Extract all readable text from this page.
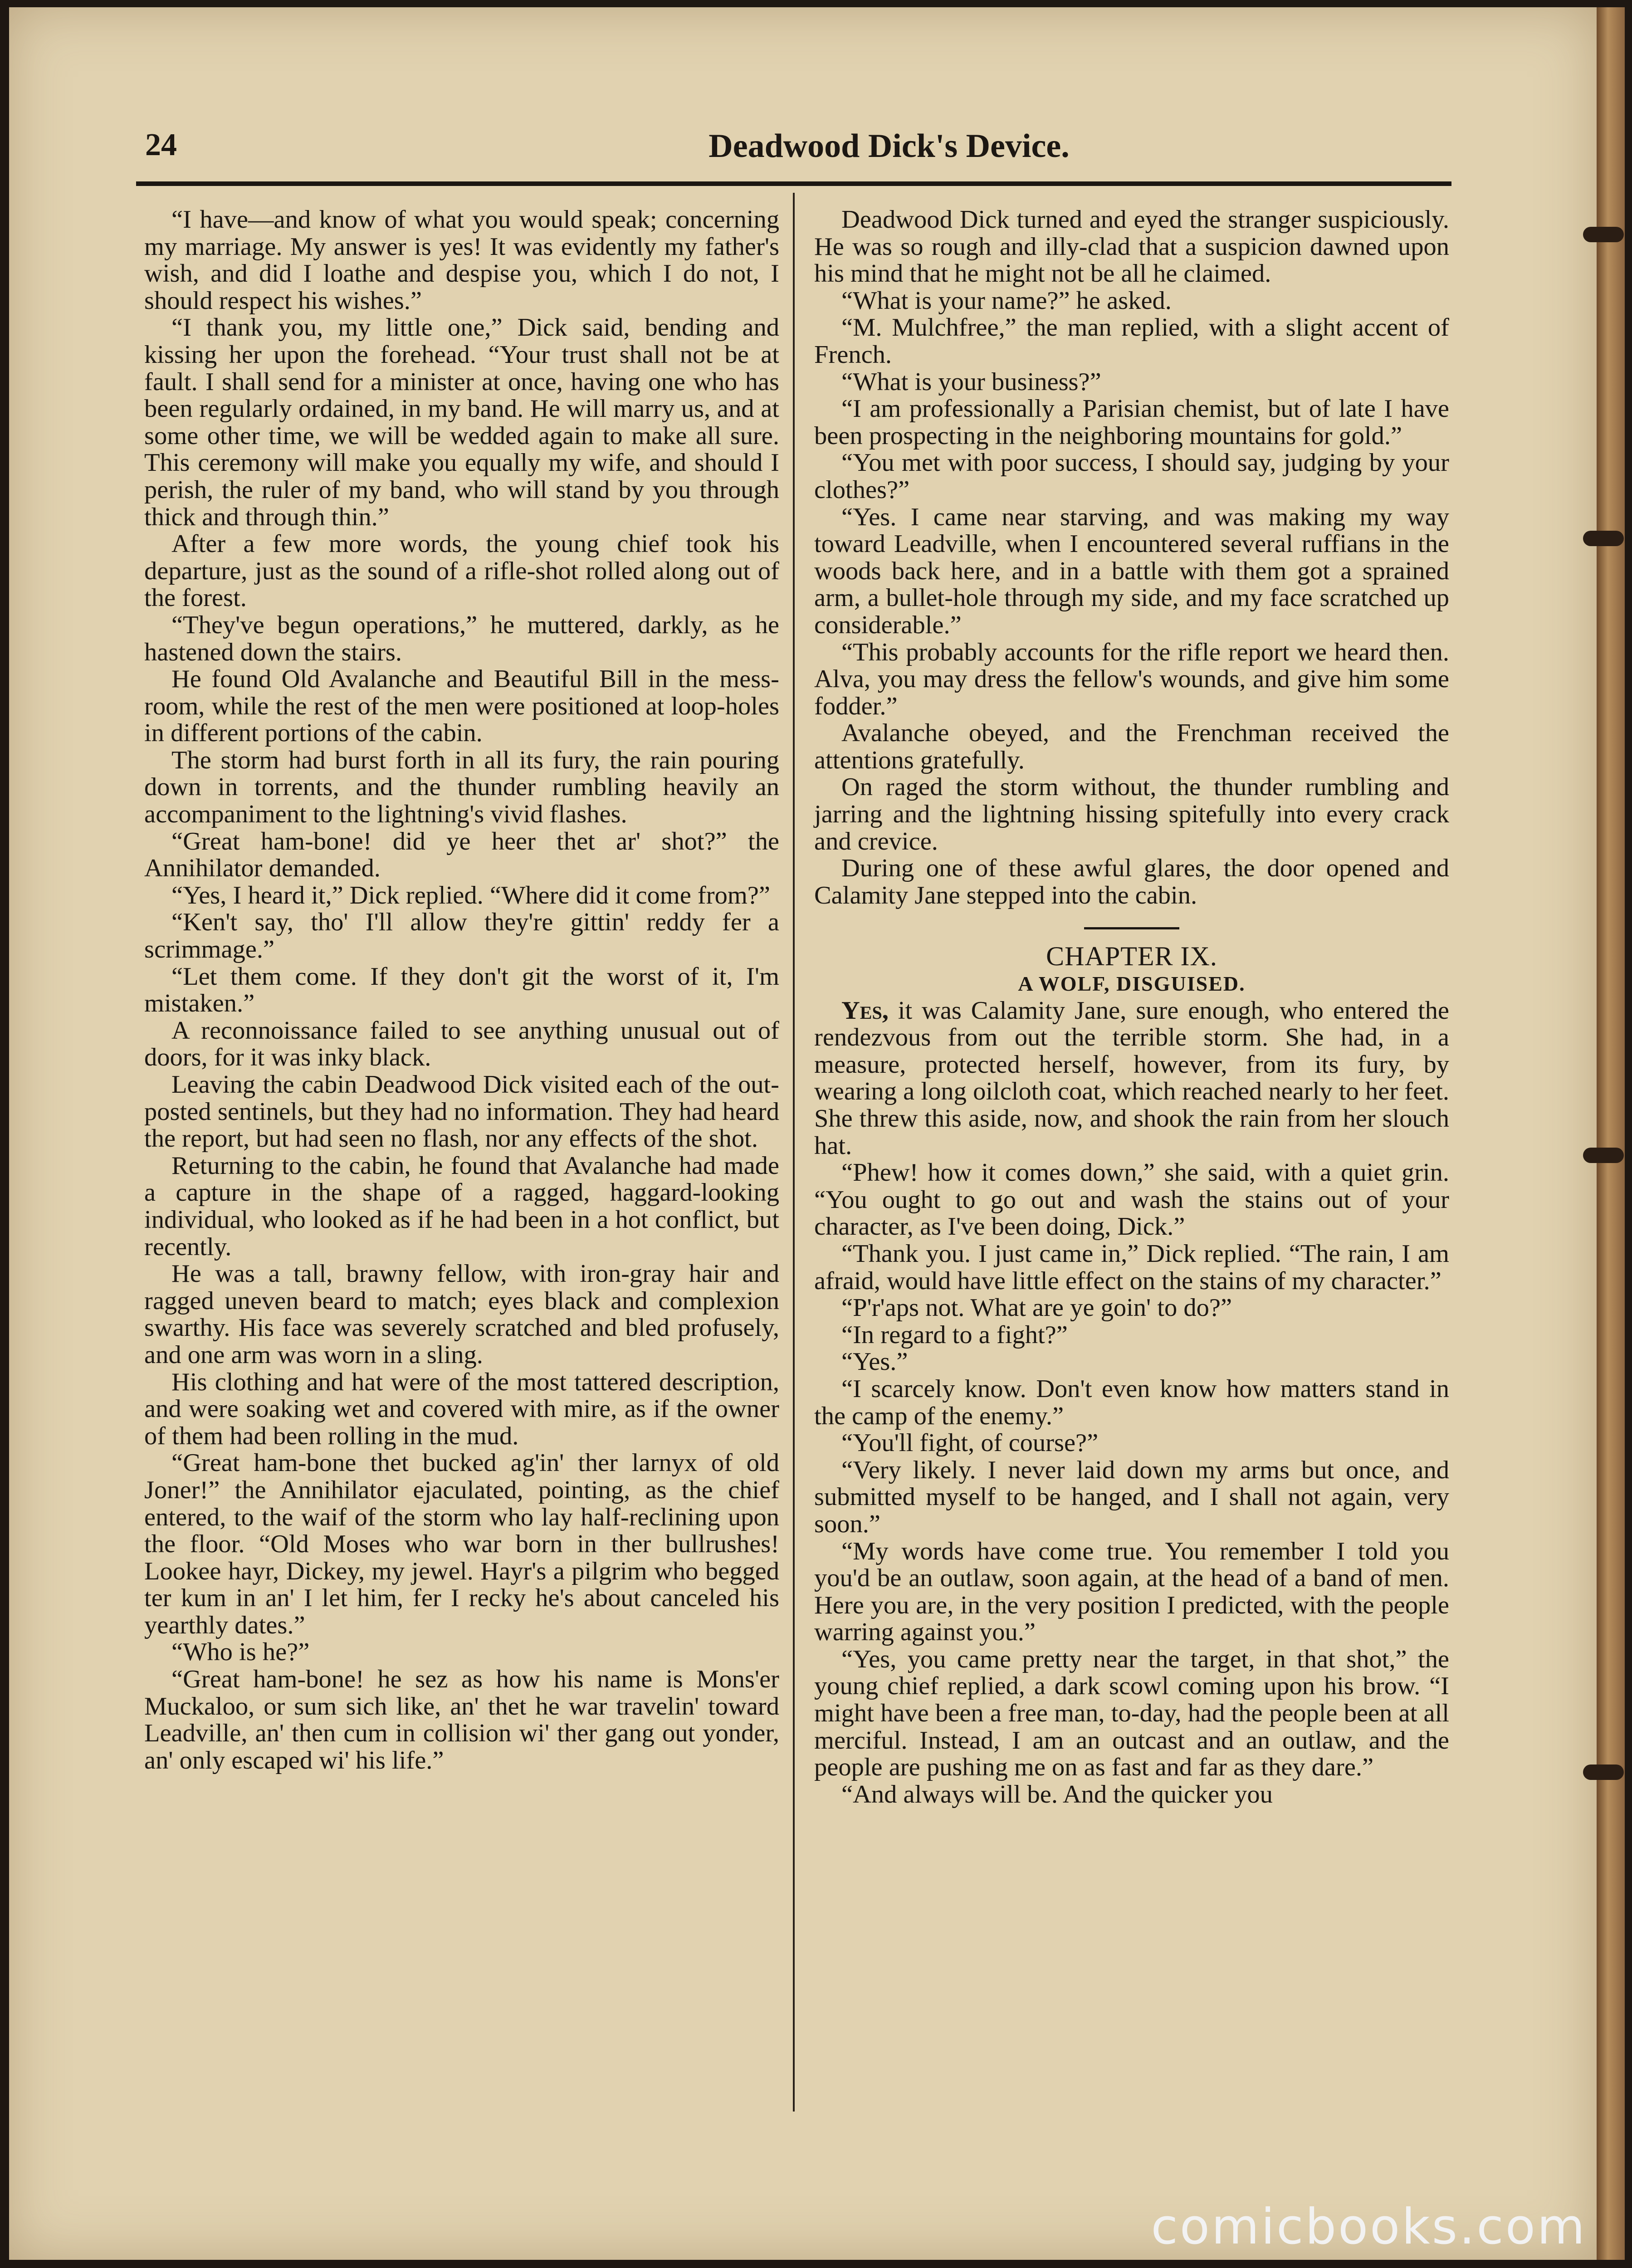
24	Deadwood Dick's Device.

“I have—and know of what you would speak; concerning my marriage. My answer is yes! It was evidently my father's wish, and did I loathe and despise you, which I do not, I should respect his wishes.”

“I thank you, my little one,” Dick said, bending and kissing her upon the forehead. “Your trust shall not be at fault. I shall send for a minister at once, having one who has been regularly ordained, in my band. He will marry us, and at some other time, we will be wedded again to make all sure. This ceremony will make you equally my wife, and should I perish, the ruler of my band, who will stand by you through thick and through thin.”

After a few more words, the young chief took his departure, just as the sound of a rifle-shot rolled along out of the forest.

“They've begun operations,” he muttered, darkly, as he hastened down the stairs.

He found Old Avalanche and Beautiful Bill in the mess-room, while the rest of the men were positioned at loop-holes in different portions of the cabin.

The storm had burst forth in all its fury, the rain pouring down in torrents, and the thunder rumbling heavily an accompaniment to the lightning's vivid flashes.

“Great ham-bone! did ye heer thet ar' shot?” the Annihilator demanded.

“Yes, I heard it,” Dick replied. “Where did it come from?”

“Ken't say, tho' I'll allow they're gittin' reddy fer a scrimmage.”

“Let them come. If they don't git the worst of it, I'm mistaken.”

A reconnoissance failed to see anything unusual out of doors, for it was inky black.

Leaving the cabin Deadwood Dick visited each of the out-posted sentinels, but they had no information. They had heard the report, but had seen no flash, nor any effects of the shot.

Returning to the cabin, he found that Avalanche had made a capture in the shape of a ragged, haggard-looking individual, who looked as if he had been in a hot conflict, but recently.

He was a tall, brawny fellow, with iron-gray hair and ragged uneven beard to match; eyes black and complexion swarthy. His face was severely scratched and bled profusely, and one arm was worn in a sling.

His clothing and hat were of the most tattered description, and were soaking wet and covered with mire, as if the owner of them had been rolling in the mud.

“Great ham-bone thet bucked ag'in' ther larnyx of old Joner!” the Annihilator ejaculated, pointing, as the chief entered, to the waif of the storm who lay half-reclining upon the floor. “Old Moses who war born in ther bullrushes! Lookee hayr, Dickey, my jewel. Hayr's a pilgrim who begged ter kum in an' I let him, fer I recky he's about canceled his yearthly dates.”

“Who is he?”

“Great ham-bone! he sez as how his name is Mons'er Muckaloo, or sum sich like, an' thet he war travelin' toward Leadville, an' then cum in collision wi' ther gang out yonder, an' only escaped wi' his life.”

Deadwood Dick turned and eyed the stranger suspiciously. He was so rough and illy-clad that a suspicion dawned upon his mind that he might not be all he claimed.

“What is your name?” he asked.

“M. Mulchfree,” the man replied, with a slight accent of French.

“What is your business?”

“I am professionally a Parisian chemist, but of late I have been prospecting in the neighboring mountains for gold.”

“You met with poor success, I should say, judging by your clothes?”

“Yes. I came near starving, and was making my way toward Leadville, when I encountered several ruffians in the woods back here, and in a battle with them got a sprained arm, a bullet-hole through my side, and my face scratched up considerable.”

“This probably accounts for the rifle report we heard then. Alva, you may dress the fellow's wounds, and give him some fodder.”

Avalanche obeyed, and the Frenchman received the attentions gratefully.

On raged the storm without, the thunder rumbling and jarring and the lightning hissing spitefully into every crack and crevice.

During one of these awful glares, the door opened and Calamity Jane stepped into the cabin.

CHAPTER IX.

A WOLF, DISGUISED.

Yes, it was Calamity Jane, sure enough, who entered the rendezvous from out the terrible storm. She had, in a measure, protected herself, however, from its fury, by wearing a long oilcloth coat, which reached nearly to her feet. She threw this aside, now, and shook the rain from her slouch hat.

“Phew! how it comes down,” she said, with a quiet grin. “You ought to go out and wash the stains out of your character, as I've been doing, Dick.”

“Thank you. I just came in,” Dick replied. “The rain, I am afraid, would have little effect on the stains of my character.”

“P'r'aps not. What are ye goin' to do?”

“In regard to a fight?”

“Yes.”

“I scarcely know. Don't even know how matters stand in the camp of the enemy.”

“You'll fight, of course?”

“Very likely. I never laid down my arms but once, and submitted myself to be hanged, and I shall not again, very soon.”

“My words have come true. You remember I told you you'd be an outlaw, soon again, at the head of a band of men. Here you are, in the very position I predicted, with the people warring against you.”

“Yes, you came pretty near the target, in that shot,” the young chief replied, a dark scowl coming upon his brow. “I might have been a free man, to-day, had the people been at all merciful. Instead, I am an outcast and an outlaw, and the people are pushing me on as fast and far as they dare.”

“And always will be. And the quicker you

comicbooks.com
